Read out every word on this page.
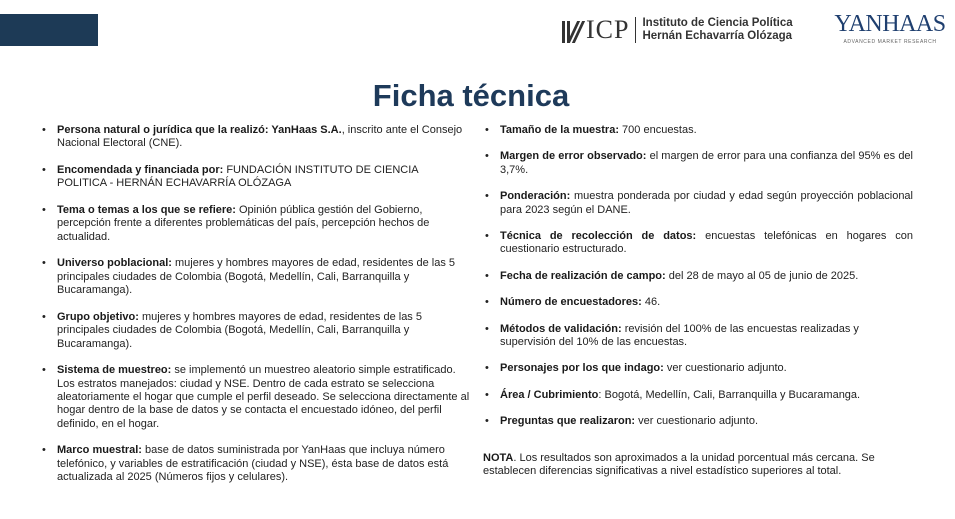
ICP	Instituto de Ciencia Política
Hernán Echavarría Olózaga YANHAAS
ADVANCED MARKET RESEARCH
Ficha técnica
• Persona natural o jurídica que la realizó: YanHaas S.A., inscrito ante el Consejo Nacional Electoral (CNE).
• Encomendada y financiada por: FUNDACIÓN INSTITUTO DE CIENCIA POLITICA - HERNÁN ECHAVARRÍA OLÓZAGA
• Tema o temas a los que se refiere: Opinión pública gestión del Gobierno, percepción frente a diferentes problemáticas del país, percepción hechos de actualidad.
• Universo poblacional: mujeres y hombres mayores de edad, residentes de las 5 principales ciudades de Colombia (Bogotá, Medellín, Cali, Barranquilla y Bucaramanga).
• Grupo objetivo: mujeres y hombres mayores de edad, residentes de las 5 principales ciudades de Colombia (Bogotá, Medellín, Cali, Barranquilla y Bucaramanga).
• Sistema de muestreo: se implementó un muestreo aleatorio simple estratificado. Los estratos manejados: ciudad y NSE. Dentro de cada estrato se selecciona aleatoriamente el hogar que cumple el perfil deseado. Se selecciona directamente al hogar dentro de la base de datos y se contacta el encuestado idóneo, del perfil definido, en el hogar.
• Marco muestral: base de datos suministrada por YanHaas que incluya número telefónico, y variables de estratificación (ciudad y NSE), ésta base de datos está actualizada al 2025 (Números fijos y celulares).
• Tamaño de la muestra: 700 encuestas.
• Margen de error observado: el margen de error para una confianza del 95% es del 3,7%.
• Ponderación: muestra ponderada por ciudad y edad según proyección poblacional para 2023 según el DANE.
• Técnica de recolección de datos: encuestas telefónicas en hogares con cuestionario estructurado.
• Fecha de realización de campo: del 28 de mayo al 05 de junio de 2025.
• Número de encuestadores: 46.
• Métodos de validación: revisión del 100% de las encuestas realizadas y supervisión del 10% de las encuestas.
• Personajes por los que indago: ver cuestionario adjunto.
• Área / Cubrimiento: Bogotá, Medellín, Cali, Barranquilla y Bucaramanga.
• Preguntas que realizaron: ver cuestionario adjunto.
NOTA. Los resultados son aproximados a la unidad porcentual más cercana. Se establecen diferencias significativas a nivel estadístico superiores al total.
